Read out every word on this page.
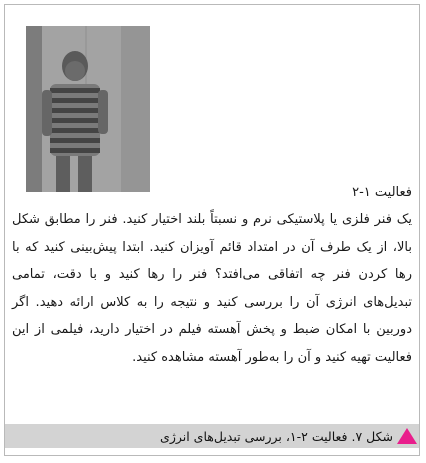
فعالیت ۱-۲

یک فنر فلزی یا پلاستیکی نرم و نسبتاً بلند اختیار کنید. فنر را مطابق شکل بالا، از یک طرف آن در امتداد قائم آویزان کنید. ابتدا پیش‌بینی کنید که با رها کردن فنر چه اتفاقی می‌افتد؟ فنر را رها کنید و با دقت، تمامی تبدیل‌های انرژی آن را بررسی کنید و نتیجه را به کلاس ارائه دهید. اگر دوربین با امکان ضبط و پخش آهسته فیلم در اختیار دارید، فیلمی از این فعالیت تهیه کنید و آن را به‌طور آهسته مشاهده کنید.

شکل ۷. فعالیت ۲-۱، بررسی تبدیل‌های انرژی
